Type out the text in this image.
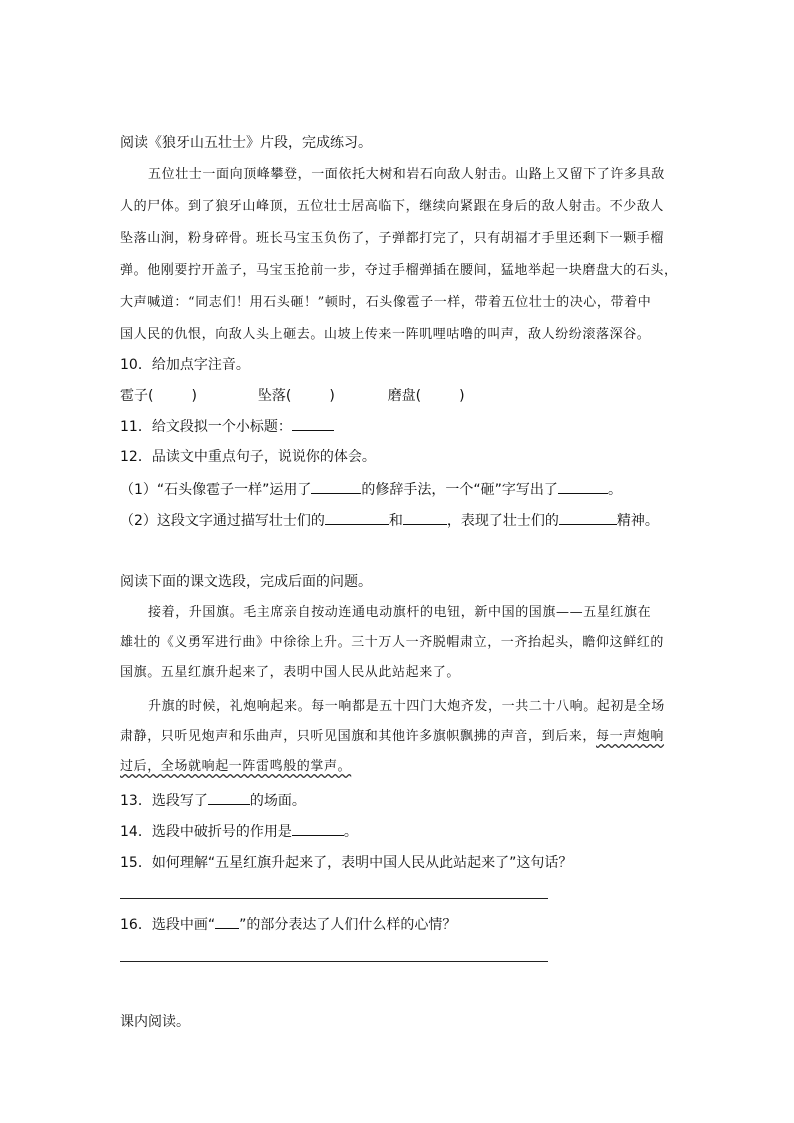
阅读《狼牙山五壮士》片段，完成练习。
五位壮士一面向顶峰攀登，一面依托大树和岩石向敌人射击。山路上又留下了许多具敌
人的尸体。到了狼牙山峰顶，五位壮士居高临下，继续向紧跟在身后的敌人射击。不少敌人
坠落山涧，粉身碎骨。班长马宝玉负伤了，子弹都打完了，只有胡福才手里还剩下一颗手榴
弹。他刚要拧开盖子，马宝玉抢前一步，夺过手榴弹插在腰间，猛地举起一块磨盘大的石头，
大声喊道：“同志们！用石头砸！”顿时，石头像雹子一样，带着五位壮士的决心，带着中
国人民的仇恨，向敌人头上砸去。山坡上传来一阵叽哩咕噜的叫声，敌人纷纷滚落深谷。
10．给加点字注音。
雹子(	)	坠落(	)	磨盘(	)
11．给文段拟一个小标题：
12．品读文中重点句子，说说你的体会。
（1）“石头像雹子一样”运用了	的修辞手法，一个“砸”字写出了	。
（2）这段文字通过描写壮士们的	和	，表现了壮士们的	精神。
阅读下面的课文选段，完成后面的问题。
接着，升国旗。毛主席亲自按动连通电动旗杆的电钮，新中国的国旗——五星红旗在
雄壮的《义勇军进行曲》中徐徐上升。三十万人一齐脱帽肃立，一齐抬起头，瞻仰这鲜红的
国旗。五星红旗升起来了，表明中国人民从此站起来了。
升旗的时候，礼炮响起来。每一响都是五十四门大炮齐发，一共二十八响。起初是全场
肃静，只听见炮声和乐曲声，只听见国旗和其他许多旗帜飘拂的声音，到后来，每一声炮响
过后，全场就响起一阵雷鸣般的掌声。
13．选段写了	的场面。
14．选段中破折号的作用是	。
15．如何理解“五星红旗升起来了，表明中国人民从此站起来了”这句话？
16．选段中画“ ”的部分表达了人们什么样的心情？
课内阅读。
